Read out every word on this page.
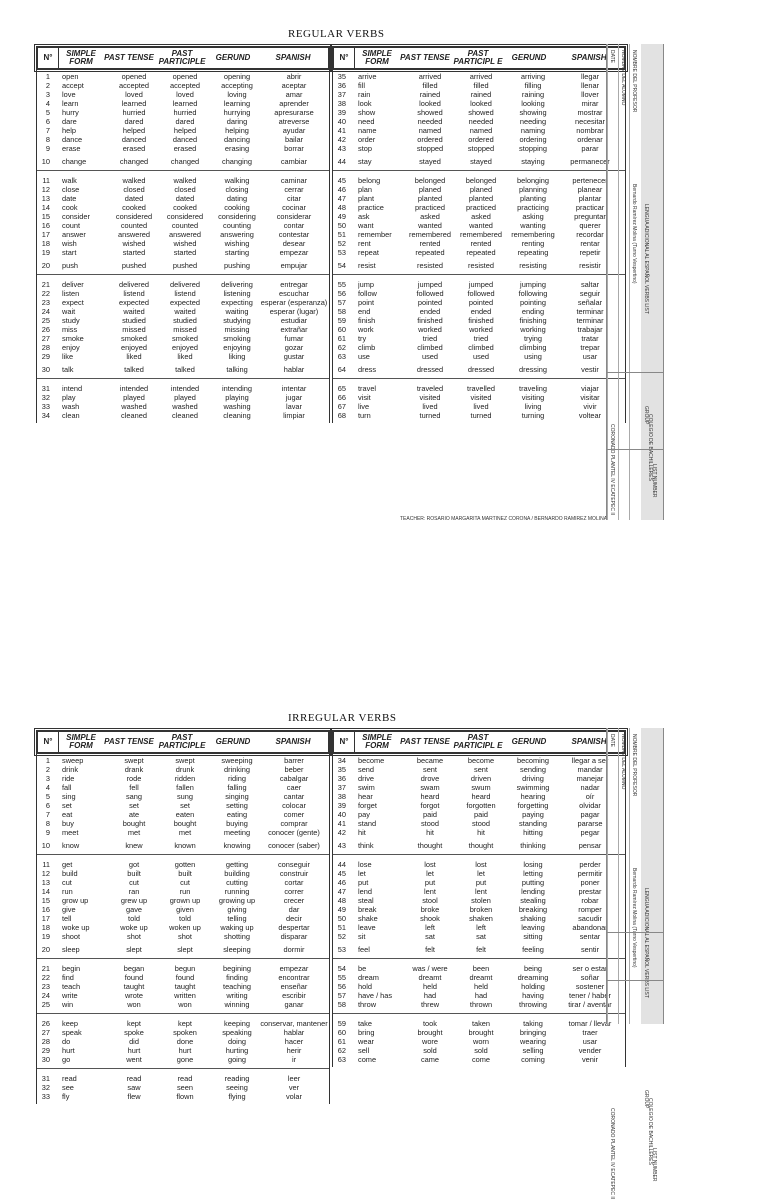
REGULAR VERBS
N°	SIMPLE FORM	PAST TENSE	PAST PARTICIPLE	GERUND	SPANISH
1 open	opened	opened	opening	abrir
2 accept	accepted	accepted	accepting	aceptar
3 love	loved	loved	loving	amar
4 learn	learned	learned	learning	aprender
5 hurry	hurried	hurried	hurrying	apresurarse
6 dare	dared	dared	daring	atreverse
7 help	helped	helped	helping	ayudar
8 dance	danced	danced	dancing	bailar
9 erase	erased	erased	erasing	borrar
10 change	changed	changed	changing	cambiar
11 walk	walked	walked	walking	caminar
12 close	closed	closed	closing	cerrar
13 date	dated	dated	dating	citar
14 cook	cooked	cooked	cooking	cocinar
15 consider	considered	considered	considering	considerar
16 count	counted	counted	counting	contar
17 answer	answered	answered	answering	contestar
18 wish	wished	wished	wishing	desear
19 start	started	started	starting	empezar
20 push	pushed	pushed	pushing	empujar
21 deliver	delivered	delivered	delivering	entregar
22 listen	listend	listend	listening	escuchar
23 expect	expected	expected	expecting	esperar (esperanza)
24 wait	waited	waited	waiting	esperar (lugar)
25 study	studied	studied	studying	estudiar
26 miss	missed	missed	missing	extrañar
27 smoke	smoked	smoked	smoking	fumar
28 enjoy	enjoyed	enjoyed	enjoying	gozar
29 like	liked	liked	liking	gustar
30 talk	talked	talked	talking	hablar
31 intend	intended	intended	intending	intentar
32 play	played	played	playing	jugar
33 wash	washed	washed	washing	lavar
34 clean	cleaned	cleaned	cleaning	limpiar
N°	SIMPLE FORM	PAST TENSE	PAST PARTICIPL E	GERUND	SPANISH
35 arrive	arrived	arrived	arriving	llegar
36 fill	filled	filled	filling	llenar
37 rain	rained	rained	raining	llover
38 look	looked	looked	looking	mirar
39 show	showed	showed	showing	mostrar
40 need	needed	needed	needing	necesitar
41 name	named	named	naming	nombrar
42 order	ordered	ordered	ordering	ordenar
43 stop	stopped	stopped	stopping	parar
44 stay	stayed	stayed	staying	permanecer
45 belong	belonged	belonged	belonging	pertenecer
46 plan	planed	planed	planning	planear
47 plant	planted	planted	planting	plantar
48 practice	practiced	practiced	practicing	practicar
49 ask	asked	asked	asking	preguntar
50 want	wanted	wanted	wanting	querer
51 remember	remembered	remembered	remembering	recordar
52 rent	rented	rented	renting	rentar
53 repeat	repeated	repeated	repeating	repetir
54 resist	resisted	resisted	resisting	resistir
55 jump	jumped	jumped	jumping	saltar
56 follow	followed	followed	following	seguir
57 point	pointed	pointed	pointing	señalar
58 end	ended	ended	ending	terminar
59 finish	finished	finished	finishing	terminar
60 work	worked	worked	working	trabajar
61 try	tried	tried	trying	tratar
62 climb	climbed	climbed	climbing	trepar
63 use	used	used	using	usar
64 dress	dressed	dressed	dressing	vestir
65 travel	traveled	travelled	traveling	viajar
66 visit	visited	visited	visiting	visitar
67 live	lived	lived	living	vivir
68 turn	turned	turned	turning	voltear
TEACHER: ROSARIO MARGARITA MARTINEZ CORONA / BERNARDO RAMIREZ MOLINA.
IRREGULAR VERBS
N°	SIMPLE FORM	PAST TENSE	PAST PARTICIPLE	GERUND	SPANISH
1 sweep	swept	swept	sweeping	barrer
2 drink	drank	drunk	drinking	beber
3 ride	rode	ridden	riding	cabalgar
4 fall	fell	fallen	falling	caer
5 sing	sang	sung	singing	cantar
6 set	set	set	setting	colocar
7 eat	ate	eaten	eating	comer
8 buy	bought	bought	buying	comprar
9 meet	met	met	meeting	conocer (gente)
10 know	knew	known	knowing	conocer (saber)
11 get	got	gotten	getting	conseguir
12 build	built	built	building	construir
13 cut	cut	cut	cutting	cortar
14 run	ran	run	running	correr
15 grow up	grew up	grown up	growing up	crecer
16 give	gave	given	giving	dar
17 tell	told	told	telling	decir
18 woke up	woke up	woken up	waking up	despertar
19 shoot	shot	shot	shotting	disparar
20 sleep	slept	slept	sleeping	dormir
21 begin	began	begun	begining	empezar
22 find	found	found	finding	encontrar
23 teach	taught	taught	teaching	enseñar
24 write	wrote	written	writing	escribir
25 win	won	won	winning	ganar
26 keep	kept	kept	keeping	conservar, mantener
27 speak	spoke	spoken	speaking	hablar
28 do	did	done	doing	hacer
29 hurt	hurt	hurt	hurting	herir
30 go	went	gone	going	ir
31 read	read	read	reading	leer
32 see	saw	seen	seeing	ver
33 fly	flew	flown	flying	volar
N°	SIMPLE FORM	PAST TENSE	PAST PARTICIPL E	GERUND	SPANISH
34 become	became	become	becoming	llegar a ser
35 send	sent	sent	sending	mandar
36 drive	drove	driven	driving	manejar
37 swim	swam	swum	swimming	nadar
38 hear	heard	heard	hearing	oír
39 forget	forgot	forgotten	forgetting	olvidar
40 pay	paid	paid	paying	pagar
41 stand	stood	stood	standing	pararse
42 hit	hit	hit	hitting	pegar
43 think	thought	thought	thinking	pensar
44 lose	lost	lost	losing	perder
45 let	let	let	letting	permitir
46 put	put	put	putting	poner
47 lend	lent	lent	lending	prestar
48 steal	stool	stolen	stealing	robar
49 break	broke	broken	breaking	romper
50 shake	shook	shaken	shaking	sacudir
51 leave	left	left	leaving	abandonar
52 sit	sat	sat	sitting	sentar
53 feel	felt	felt	feeling	sentir
54 be	was / were	been	being	ser o estar
55 dream	dreamt	dreamt	dreaming	soñar
56 hold	held	held	holding	sostener
57 have / has	had	had	having	tener / haber
58 throw	threw	thrown	throwing	tirar / aventar
59 take	took	taken	taking	tomar / llevar
60 bring	brought	brought	bringing	traer
61 wear	wore	worn	wearing	usar
62 sell	sold	sold	selling	vender
63 come	came	come	coming	venir
DATE NOMBRE DEL ALUMNO NOMBRE DEL PROFESOR
Bernardo Ramírez Molina (Turno Vespertino) LENGUA ADICIONAL AL ESPAÑOL VERBS LIST
CORONADO PLANTEL IV ECATEPEC II	COLEGIO DE BACHILLERES
GROUP
LIST NUMBER
DATE NOMBRE DEL ALUMNO NOMBRE DEL PROFESOR
Bernardo Ramírez Molina (Turno Vespertino) LENGUA ADICIONAL AL ESPAÑOL VERBS LIST
CORONADO PLANTEL IV ECATEPEC II	COLEGIO DE BACHILLERES
GROUP
LIST NUMBER
